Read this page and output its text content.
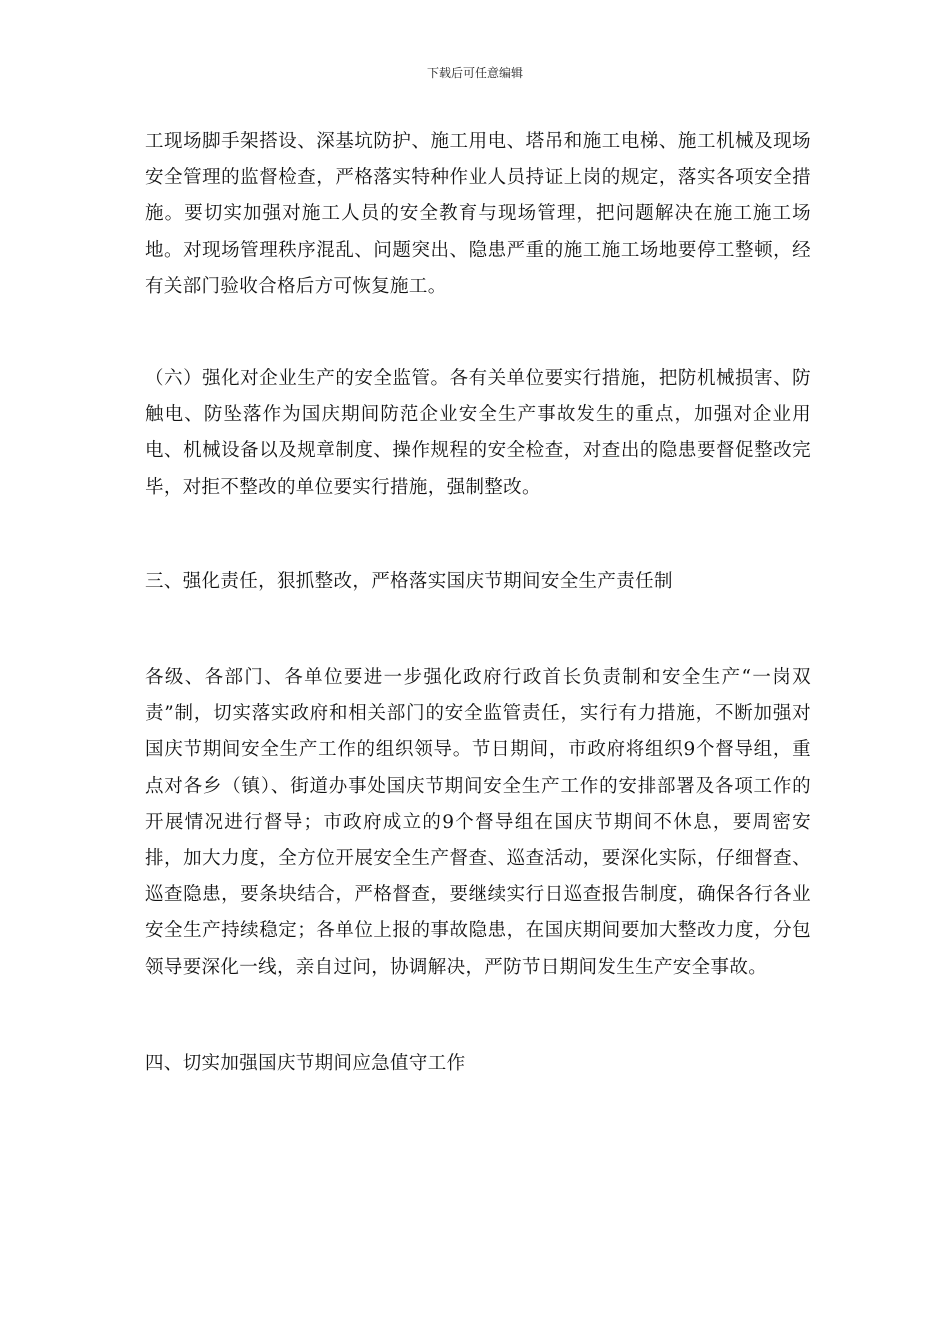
下载后可任意编辑

工现场脚手架搭设、深基坑防护、施工用电、塔吊和施工电梯、施工机械及现场安全管理的监督检查，严格落实特种作业人员持证上岗的规定，落实各项安全措施。要切实加强对施工人员的安全教育与现场管理，把问题解决在施工施工场地。对现场管理秩序混乱、问题突出、隐患严重的施工施工场地要停工整顿，经有关部门验收合格后方可恢复施工。

（六）强化对企业生产的安全监管。各有关单位要实行措施，把防机械损害、防触电、防坠落作为国庆期间防范企业安全生产事故发生的重点，加强对企业用电、机械设备以及规章制度、操作规程的安全检查，对查出的隐患要督促整改完毕，对拒不整改的单位要实行措施，强制整改。

三、强化责任，狠抓整改，严格落实国庆节期间安全生产责任制

各级、各部门、各单位要进一步强化政府行政首长负责制和安全生产“一岗双责”制，切实落实政府和相关部门的安全监管责任，实行有力措施，不断加强对国庆节期间安全生产工作的组织领导。节日期间，市政府将组织9个督导组，重点对各乡（镇）、街道办事处国庆节期间安全生产工作的安排部署及各项工作的开展情况进行督导；市政府成立的9个督导组在国庆节期间不休息，要周密安排，加大力度，全方位开展安全生产督查、巡查活动，要深化实际，仔细督查、巡查隐患，要条块结合，严格督查，要继续实行日巡查报告制度，确保各行各业安全生产持续稳定；各单位上报的事故隐患，在国庆期间要加大整改力度，分包领导要深化一线，亲自过问，协调解决，严防节日期间发生生产安全事故。

四、切实加强国庆节期间应急值守工作
